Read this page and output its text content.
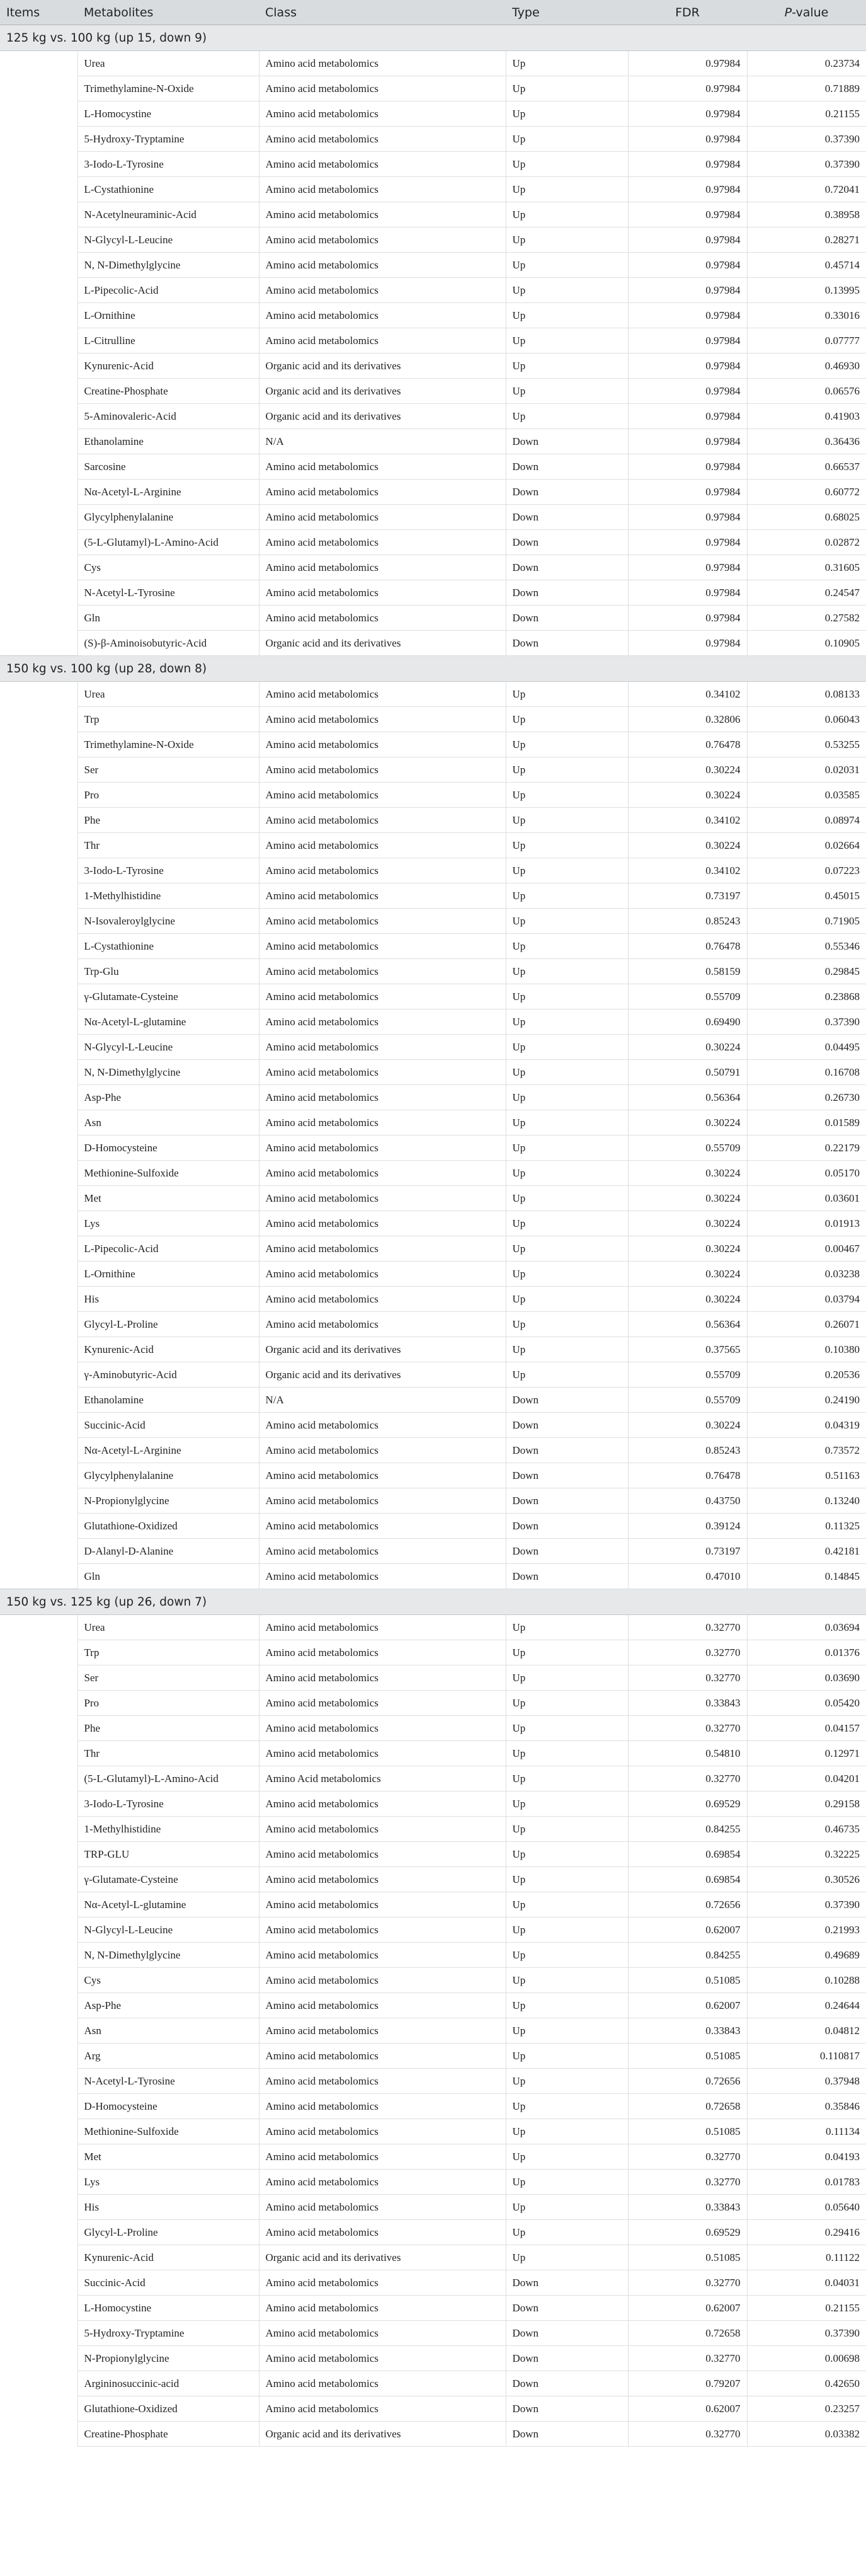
Items	Metabolites	Class	Type	FDR	P-value
125 kg vs. 100 kg (up 15, down 9)					
	Urea	Amino acid metabolomics	Up	0.97984	0.23734
	Trimethylamine-N-Oxide	Amino acid metabolomics	Up	0.97984	0.71889
	L-Homocystine	Amino acid metabolomics	Up	0.97984	0.21155
	5-Hydroxy-Tryptamine	Amino acid metabolomics	Up	0.97984	0.37390
	3-Iodo-L-Tyrosine	Amino acid metabolomics	Up	0.97984	0.37390
	L-Cystathionine	Amino acid metabolomics	Up	0.97984	0.72041
	N-Acetylneuraminic-Acid	Amino acid metabolomics	Up	0.97984	0.38958
	N-Glycyl-L-Leucine	Amino acid metabolomics	Up	0.97984	0.28271
	N, N-Dimethylglycine	Amino acid metabolomics	Up	0.97984	0.45714
	L-Pipecolic-Acid	Amino acid metabolomics	Up	0.97984	0.13995
	L-Ornithine	Amino acid metabolomics	Up	0.97984	0.33016
	L-Citrulline	Amino acid metabolomics	Up	0.97984	0.07777
	Kynurenic-Acid	Organic acid and its derivatives	Up	0.97984	0.46930
	Creatine-Phosphate	Organic acid and its derivatives	Up	0.97984	0.06576
	5-Aminovaleric-Acid	Organic acid and its derivatives	Up	0.97984	0.41903
	Ethanolamine	N/A	Down	0.97984	0.36436
	Sarcosine	Amino acid metabolomics	Down	0.97984	0.66537
	Nα-Acetyl-L-Arginine	Amino acid metabolomics	Down	0.97984	0.60772
	Glycylphenylalanine	Amino acid metabolomics	Down	0.97984	0.68025
	(5-L-Glutamyl)-L-Amino-Acid	Amino acid metabolomics	Down	0.97984	0.02872
	Cys	Amino acid metabolomics	Down	0.97984	0.31605
	N-Acetyl-L-Tyrosine	Amino acid metabolomics	Down	0.97984	0.24547
	Gln	Amino acid metabolomics	Down	0.97984	0.27582
	(S)-β-Aminoisobutyric-Acid	Organic acid and its derivatives	Down	0.97984	0.10905
150 kg vs. 100 kg (up 28, down 8)					
	Urea	Amino acid metabolomics	Up	0.34102	0.08133
	Trp	Amino acid metabolomics	Up	0.32806	0.06043
	Trimethylamine-N-Oxide	Amino acid metabolomics	Up	0.76478	0.53255
	Ser	Amino acid metabolomics	Up	0.30224	0.02031
	Pro	Amino acid metabolomics	Up	0.30224	0.03585
	Phe	Amino acid metabolomics	Up	0.34102	0.08974
	Thr	Amino acid metabolomics	Up	0.30224	0.02664
	3-Iodo-L-Tyrosine	Amino acid metabolomics	Up	0.34102	0.07223
	1-Methylhistidine	Amino acid metabolomics	Up	0.73197	0.45015
	N-Isovaleroylglycine	Amino acid metabolomics	Up	0.85243	0.71905
	L-Cystathionine	Amino acid metabolomics	Up	0.76478	0.55346
	Trp-Glu	Amino acid metabolomics	Up	0.58159	0.29845
	γ-Glutamate-Cysteine	Amino acid metabolomics	Up	0.55709	0.23868
	Nα-Acetyl-L-glutamine	Amino acid metabolomics	Up	0.69490	0.37390
	N-Glycyl-L-Leucine	Amino acid metabolomics	Up	0.30224	0.04495
	N, N-Dimethylglycine	Amino acid metabolomics	Up	0.50791	0.16708
	Asp-Phe	Amino acid metabolomics	Up	0.56364	0.26730
	Asn	Amino acid metabolomics	Up	0.30224	0.01589
	D-Homocysteine	Amino acid metabolomics	Up	0.55709	0.22179
	Methionine-Sulfoxide	Amino acid metabolomics	Up	0.30224	0.05170
	Met	Amino acid metabolomics	Up	0.30224	0.03601
	Lys	Amino acid metabolomics	Up	0.30224	0.01913
	L-Pipecolic-Acid	Amino acid metabolomics	Up	0.30224	0.00467
	L-Ornithine	Amino acid metabolomics	Up	0.30224	0.03238
	His	Amino acid metabolomics	Up	0.30224	0.03794
	Glycyl-L-Proline	Amino acid metabolomics	Up	0.56364	0.26071
	Kynurenic-Acid	Organic acid and its derivatives	Up	0.37565	0.10380
	γ-Aminobutyric-Acid	Organic acid and its derivatives	Up	0.55709	0.20536
	Ethanolamine	N/A	Down	0.55709	0.24190
	Succinic-Acid	Amino acid metabolomics	Down	0.30224	0.04319
	Nα-Acetyl-L-Arginine	Amino acid metabolomics	Down	0.85243	0.73572
	Glycylphenylalanine	Amino acid metabolomics	Down	0.76478	0.51163
	N-Propionylglycine	Amino acid metabolomics	Down	0.43750	0.13240
	Glutathione-Oxidized	Amino acid metabolomics	Down	0.39124	0.11325
	D-Alanyl-D-Alanine	Amino acid metabolomics	Down	0.73197	0.42181
	Gln	Amino acid metabolomics	Down	0.47010	0.14845
150 kg vs. 125 kg (up 26, down 7)					
	Urea	Amino acid metabolomics	Up	0.32770	0.03694
	Trp	Amino acid metabolomics	Up	0.32770	0.01376
	Ser	Amino acid metabolomics	Up	0.32770	0.03690
	Pro	Amino acid metabolomics	Up	0.33843	0.05420
	Phe	Amino acid metabolomics	Up	0.32770	0.04157
	Thr	Amino acid metabolomics	Up	0.54810	0.12971
	(5-L-Glutamyl)-L-Amino-Acid	Amino Acid metabolomics	Up	0.32770	0.04201
	3-Iodo-L-Tyrosine	Amino acid metabolomics	Up	0.69529	0.29158
	1-Methylhistidine	Amino acid metabolomics	Up	0.84255	0.46735
	TRP-GLU	Amino acid metabolomics	Up	0.69854	0.32225
	γ-Glutamate-Cysteine	Amino acid metabolomics	Up	0.69854	0.30526
	Nα-Acetyl-L-glutamine	Amino acid metabolomics	Up	0.72656	0.37390
	N-Glycyl-L-Leucine	Amino acid metabolomics	Up	0.62007	0.21993
	N, N-Dimethylglycine	Amino acid metabolomics	Up	0.84255	0.49689
	Cys	Amino acid metabolomics	Up	0.51085	0.10288
	Asp-Phe	Amino acid metabolomics	Up	0.62007	0.24644
	Asn	Amino acid metabolomics	Up	0.33843	0.04812
	Arg	Amino acid metabolomics	Up	0.51085	0.110817
	N-Acetyl-L-Tyrosine	Amino acid metabolomics	Up	0.72656	0.37948
	D-Homocysteine	Amino acid metabolomics	Up	0.72658	0.35846
	Methionine-Sulfoxide	Amino acid metabolomics	Up	0.51085	0.11134
	Met	Amino acid metabolomics	Up	0.32770	0.04193
	Lys	Amino acid metabolomics	Up	0.32770	0.01783
	His	Amino acid metabolomics	Up	0.33843	0.05640
	Glycyl-L-Proline	Amino acid metabolomics	Up	0.69529	0.29416
	Kynurenic-Acid	Organic acid and its derivatives	Up	0.51085	0.11122
	Succinic-Acid	Amino acid metabolomics	Down	0.32770	0.04031
	L-Homocystine	Amino acid metabolomics	Down	0.62007	0.21155
	5-Hydroxy-Tryptamine	Amino acid metabolomics	Down	0.72658	0.37390
	N-Propionylglycine	Amino acid metabolomics	Down	0.32770	0.00698
	Argininosuccinic-acid	Amino acid metabolomics	Down	0.79207	0.42650
	Glutathione-Oxidized	Amino acid metabolomics	Down	0.62007	0.23257
	Creatine-Phosphate	Organic acid and its derivatives	Down	0.32770	0.03382
